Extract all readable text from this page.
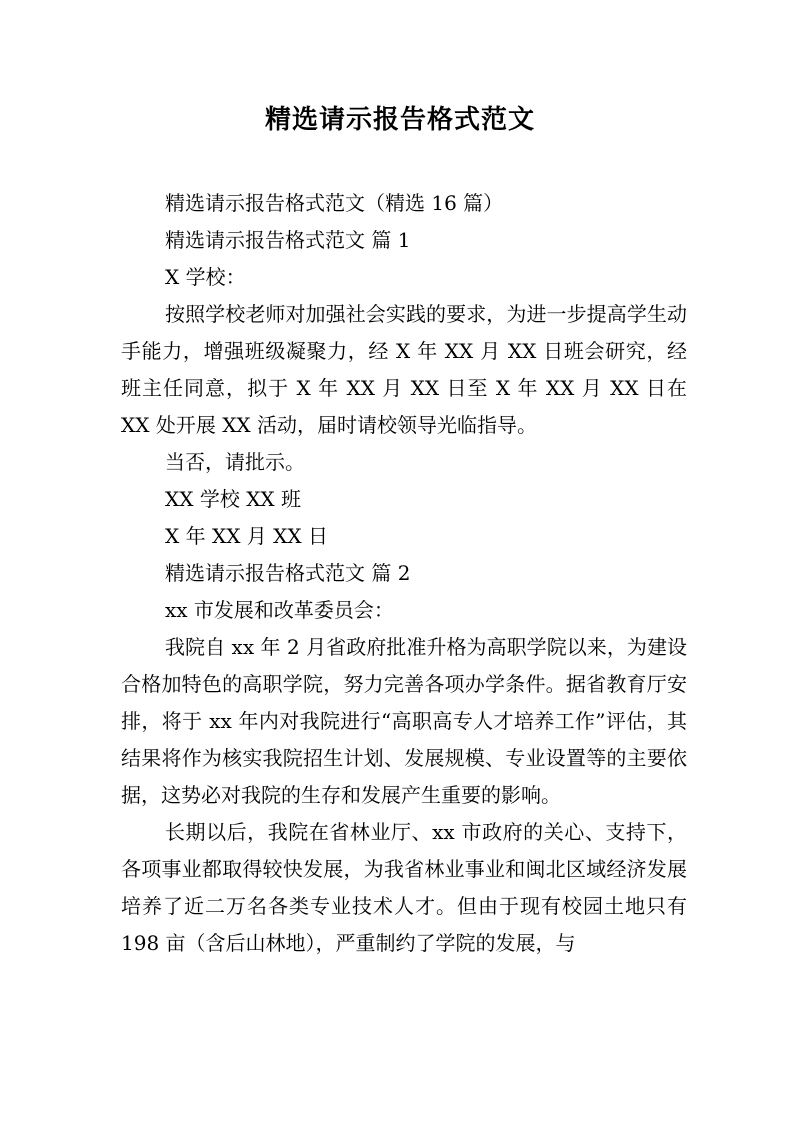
精选请示报告格式范文
精选请示报告格式范文（精选 16 篇）
精选请示报告格式范文 篇 1
X 学校：

按照学校老师对加强社会实践的要求，为进一步提高学生动手能力，增强班级凝聚力，经 X 年 XX 月 XX 日班会研究，经班主任同意，拟于 X 年 XX 月 XX 日至 X 年 XX 月 XX 日在 XX 处开展 XX 活动，届时请校领导光临指导。

当否，请批示。
XX 学校 XX 班
X 年 XX 月 XX 日
精选请示报告格式范文 篇 2
xx 市发展和改革委员会：

我院自 xx 年 2 月省政府批准升格为高职学院以来，为建设合格加特色的高职学院，努力完善各项办学条件。据省教育厅安排，将于 xx 年内对我院进行“高职高专人才培养工作”评估，其结果将作为核实我院招生计划、发展规模、专业设置等的主要依据，这势必对我院的生存和发展产生重要的影响。

长期以后，我院在省林业厅、xx 市政府的关心、支持下，各项事业都取得较快发展，为我省林业事业和闽北区域经济发展培养了近二万名各类专业技术人才。但由于现有校园土地只有 198 亩（含后山林地），严重制约了学院的发展，与
